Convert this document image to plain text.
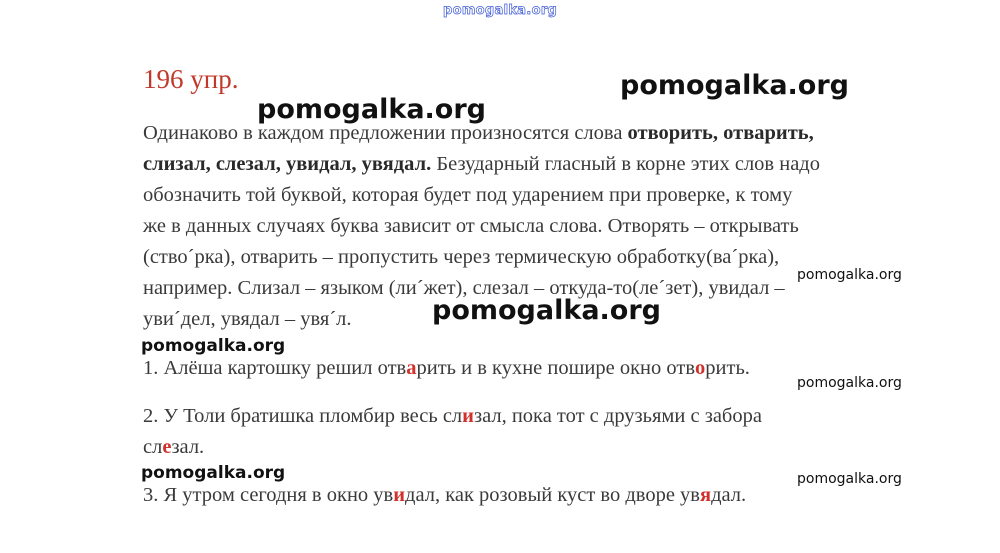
pomogalka.org
196 упр.
Одинаково в каждом предложении произносятся слова отворить, отварить,
слизал, слезал, увидал, увядал. Безударный гласный в корне этих слов надо
обозначить той буквой, которая будет под ударением при проверке, к тому
же в данных случаях буква зависит от смысла слова. Отворять – открывать
(ство´рка), отварить – пропустить через термическую обработку(ва´рка),
например. Слизал – языком (ли´жет), слезал – откуда-то(ле´зет), увидал –
уви´дел, увядал – увя´л.
1. Алёша картошку решил отварить и в кухне пошире окно отворить.
2. У Толи братишка пломбир весь слизал, пока тот с друзьями с забора
слезал.
3. Я утром сегодня в окно увидал, как розовый куст во дворе увядал.
pomogalka.org
pomogalka.org
pomogalka.org
pomogalka.org
pomogalka.org
pomogalka.org
pomogalka.org
pomogalka.org
